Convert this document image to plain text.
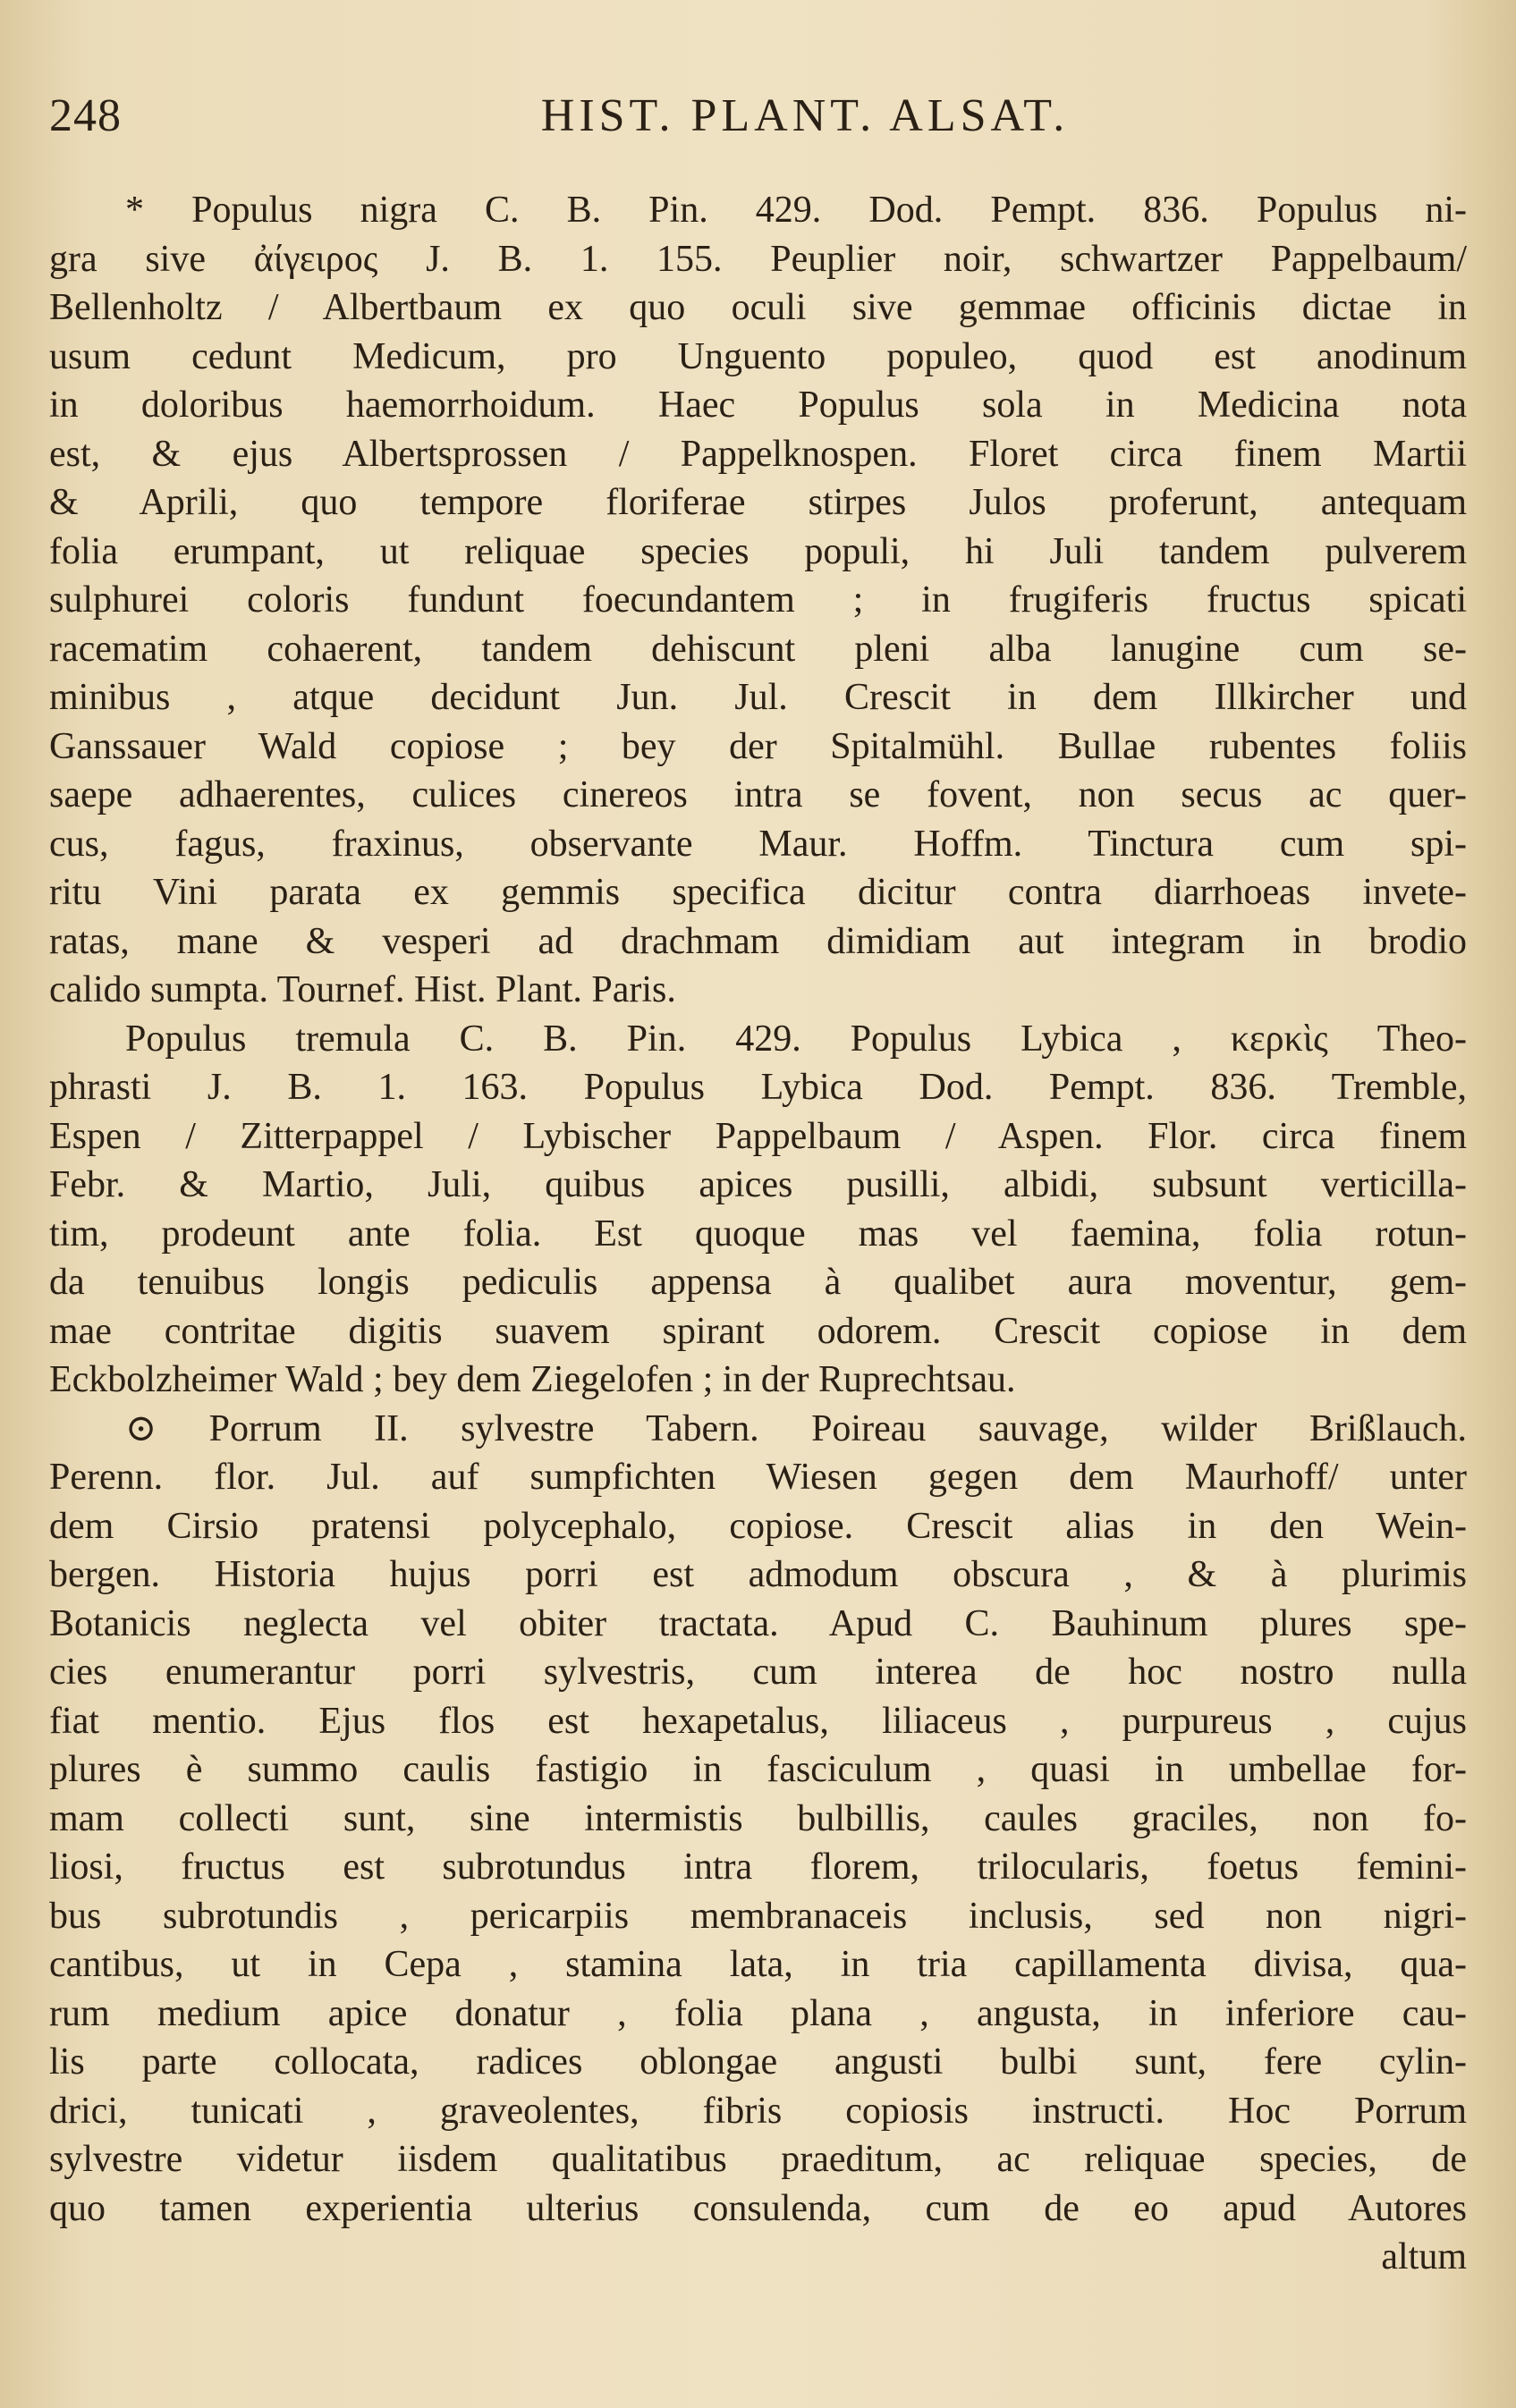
248	HIST. PLANT. ALSAT.
* Populus nigra C. B. Pin. 429. Dod. Pempt. 836. Populus ni-
gra sive ἀίγειρος J. B. 1. 155. Peuplier noir, schwartzer Pappelbaum/
Bellenholtz / Albertbaum ex quo oculi sive gemmae officinis dictae in
usum cedunt Medicum, pro Unguento populeo, quod est anodinum
in doloribus haemorrhoidum. Haec Populus sola in Medicina nota
est, & ejus Albertsprossen / Pappelknospen. Floret circa finem Martii
& Aprili, quo tempore floriferae stirpes Julos proferunt, antequam
folia erumpant, ut reliquae species populi, hi Juli tandem pulverem
sulphurei coloris fundunt foecundantem ; in frugiferis fructus spicati
racematim cohaerent, tandem dehiscunt pleni alba lanugine cum se-
minibus , atque decidunt Jun. Jul. Crescit in dem Illkircher und
Ganssauer Wald copiose ; bey der Spitalmühl. Bullae rubentes foliis
saepe adhaerentes, culices cinereos intra se fovent, non secus ac quer-
cus, fagus, fraxinus, observante Maur. Hoffm. Tinctura cum spi-
ritu Vini parata ex gemmis specifica dicitur contra diarrhoeas invete-
ratas, mane & vesperi ad drachmam dimidiam aut integram in brodio
calido sumpta. Tournef. Hist. Plant. Paris.
Populus tremula C. B. Pin. 429. Populus Lybica , κερκὶς Theo-
phrasti J. B. 1. 163. Populus Lybica Dod. Pempt. 836. Tremble,
Espen / Zitterpappel / Lybischer Pappelbaum / Aspen. Flor. circa finem
Febr. & Martio, Juli, quibus apices pusilli, albidi, subsunt verticilla-
tim, prodeunt ante folia. Est quoque mas vel faemina, folia rotun-
da tenuibus longis pediculis appensa à qualibet aura moventur, gem-
mae contritae digitis suavem spirant odorem. Crescit copiose in dem
Eckbolzheimer Wald ; bey dem Ziegelofen ; in der Ruprechtsau.
⊙ Porrum II. sylvestre Tabern. Poireau sauvage, wilder Brißlauch.
Perenn. flor. Jul. auf sumpfichten Wiesen gegen dem Maurhoff/ unter
dem Cirsio pratensi polycephalo, copiose. Crescit alias in den Wein-
bergen. Historia hujus porri est admodum obscura , & à plurimis
Botanicis neglecta vel obiter tractata. Apud C. Bauhinum plures spe-
cies enumerantur porri sylvestris, cum interea de hoc nostro nulla
fiat mentio. Ejus flos est hexapetalus, liliaceus , purpureus , cujus
plures è summo caulis fastigio in fasciculum , quasi in umbellae for-
mam collecti sunt, sine intermistis bulbillis, caules graciles, non fo-
liosi, fructus est subrotundus intra florem, trilocularis, foetus femini-
bus subrotundis , pericarpiis membranaceis inclusis, sed non nigri-
cantibus, ut in Cepa , stamina lata, in tria capillamenta divisa, qua-
rum medium apice donatur , folia plana , angusta, in inferiore cau-
lis parte collocata, radices oblongae angusti bulbi sunt, fere cylin-
drici, tunicati , graveolentes, fibris copiosis instructi. Hoc Porrum
sylvestre videtur iisdem qualitatibus praeditum, ac reliquae species, de
quo tamen experientia ulterius consulenda, cum de eo apud Autores
altum
